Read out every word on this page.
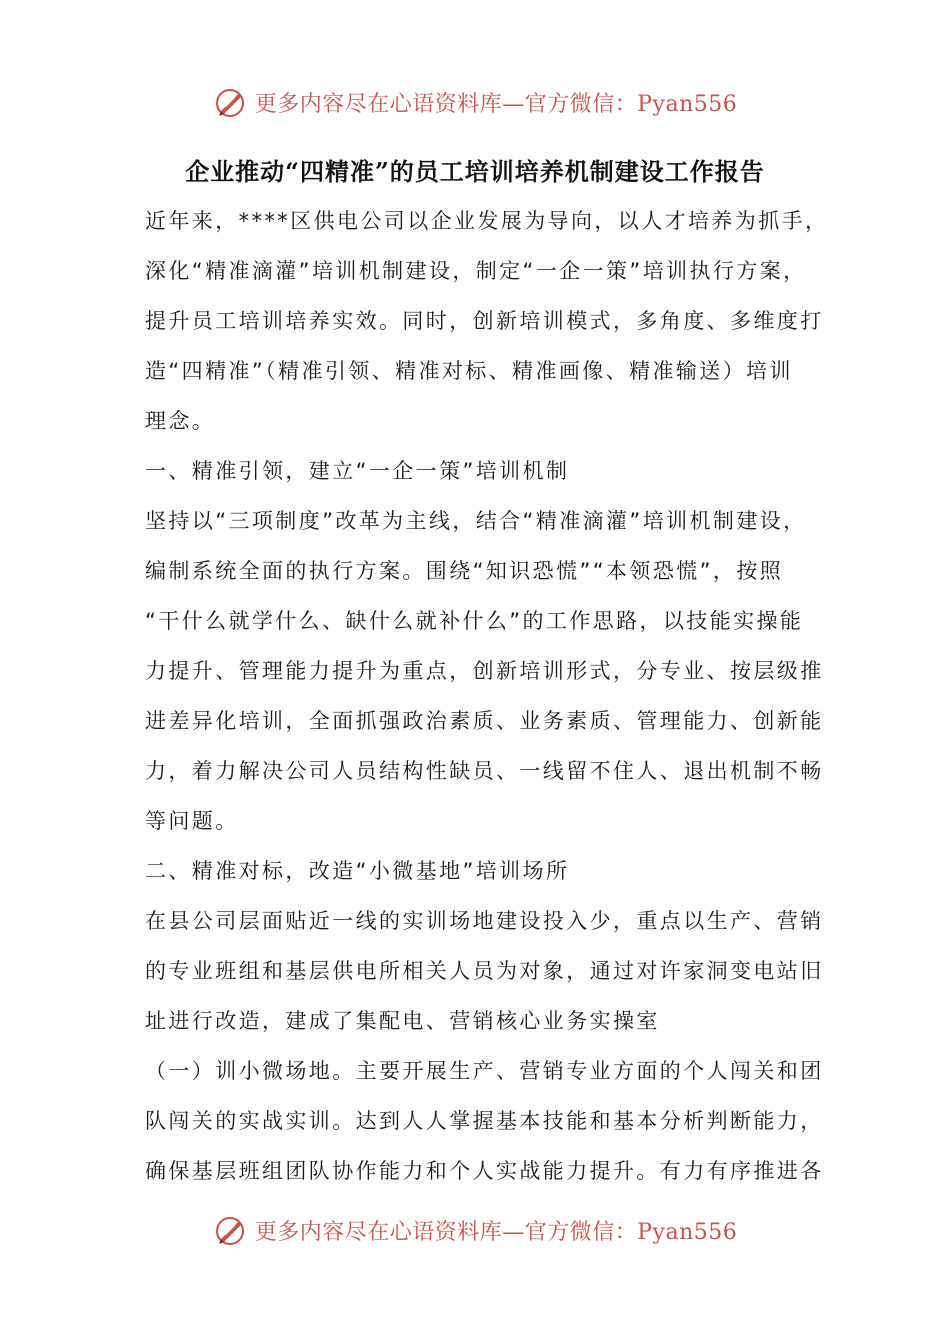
更多内容尽在心语资料库—官方微信：Pyan556
企业推动“四精准”的员工培训培养机制建设工作报告
近年来，****区供电公司以企业发展为导向，以人才培养为抓手，
深化“精准滴灌”培训机制建设，制定“一企一策”培训执行方案，
提升员工培训培养实效。同时，创新培训模式，多角度、多维度打
造“四精准”（精准引领、精准对标、精准画像、精准输送）培训
理念。
一、精准引领，建立“一企一策”培训机制
坚持以“三项制度”改革为主线，结合“精准滴灌”培训机制建设，
编制系统全面的执行方案。围绕“知识恐慌”“本领恐慌”，按照
“干什么就学什么、缺什么就补什么”的工作思路，以技能实操能
力提升、管理能力提升为重点，创新培训形式，分专业、按层级推
进差异化培训，全面抓强政治素质、业务素质、管理能力、创新能
力，着力解决公司人员结构性缺员、一线留不住人、退出机制不畅
等问题。
二、精准对标，改造“小微基地”培训场所
在县公司层面贴近一线的实训场地建设投入少，重点以生产、营销
的专业班组和基层供电所相关人员为对象，通过对许家洞变电站旧
址进行改造，建成了集配电、营销核心业务实操室
（一）训小微场地。主要开展生产、营销专业方面的个人闯关和团
队闯关的实战实训。达到人人掌握基本技能和基本分析判断能力，
确保基层班组团队协作能力和个人实战能力提升。有力有序推进各
更多内容尽在心语资料库—官方微信：Pyan556
